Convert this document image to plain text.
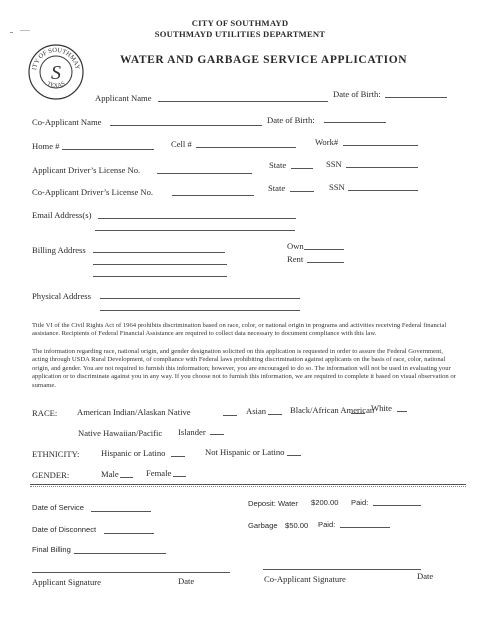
CITY OF SOUTHMAYD
SOUTHMAYD UTILITIES DEPARTMENT
ITY OF SOUTHMAY
TEXAS
S
WATER AND GARBAGE SERVICE APPLICATION
Applicant Name	Date of Birth:
Co-Applicant Name	Date of Birth:
Home #	Cell #	Work#
Applicant Driver’s License No.	State	SSN
Co-Applicant Driver’s License No.	State	SSN
Email Address(s)
Billing Address	Own
Rent
Physical Address
Title VI of the Civil Rights Act of 1964 prohibits discrimination based on race, color, or national origin in programs and activities receiving Federal financial assistance. Recipients of Federal Financial Assistance are required to collect data necessary to document compliance with this law.
The information regarding race, national origin, and gender designation solicited on this application is requested in order to assure the Federal Government, acting through USDA Rural Development, of compliance with Federal laws prohibiting discrimination against applicants on the basis of race, color, national origin, and gender. You are not required to furnish this information; however, you are encouraged to do so. The information will not be used in evaluating your application or to discriminate against you in any way. If you choose not to furnish this information, we are required to complete it based on visual observation or surname.
RACE: American Indian/Alaskan Native	Asian	Black/African American
White
Native Hawaiian/Pacific Islander
ETHNICITY:	Hispanic or Latino	Not Hispanic or Latino
GENDER:	Male	Female
Date of Service	Deposit: Water $200.00 Paid:
Date of Disconnect	Garbage $50.00 Paid:
Final Billing
Applicant Signature	Date	Co-Applicant Signature	Date
